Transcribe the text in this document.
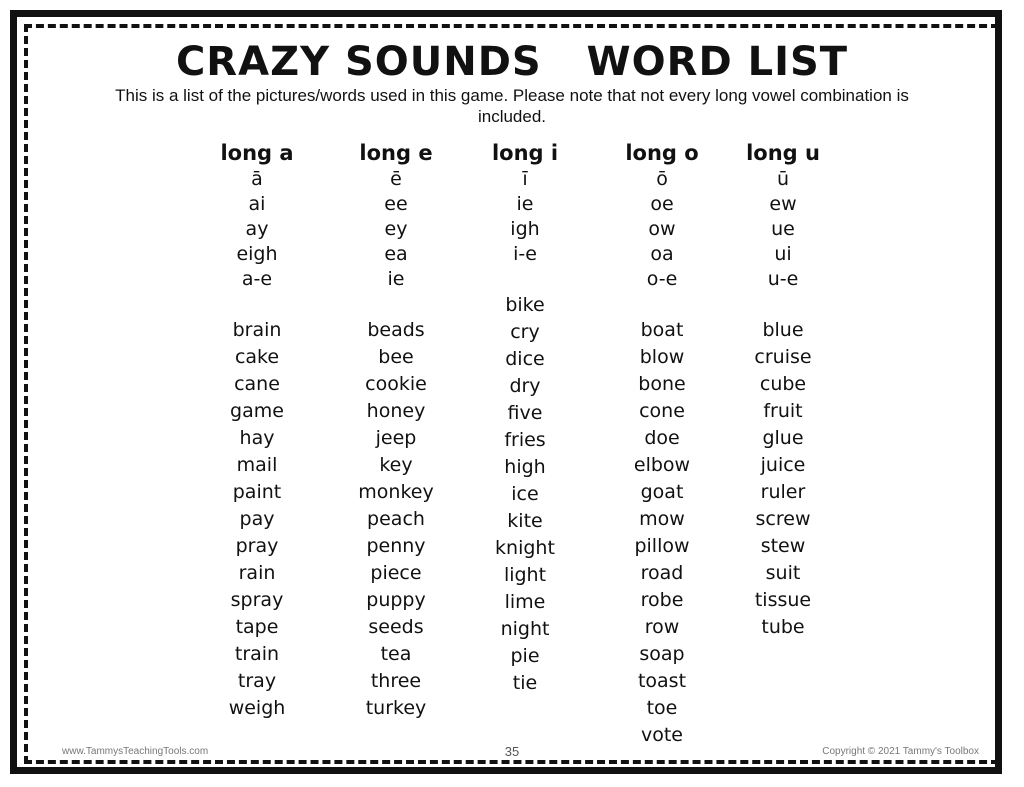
CRAZY SOUNDS   WORD LIST
This is a list of the pictures/words used in this game. Please note that not every long vowel combination is included.
long a
ā
ai
ay
eigh
a-e
brain
cake
cane
game
hay
mail
paint
pay
pray
rain
spray
tape
train
tray
weigh
long e
ē
ee
ey
ea
ie
beads
bee
cookie
honey
jeep
key
monkey
peach
penny
piece
puppy
seeds
tea
three
turkey
long i
ī
ie
igh
i-e
bike
cry
dice
dry
five
fries
high
ice
kite
knight
light
lime
night
pie
tie
long o
ō
oe
ow
oa
o-e
boat
blow
bone
cone
doe
elbow
goat
mow
pillow
road
robe
row
soap
toast
toe
vote
long u
ū
ew
ue
ui
u-e
blue
cruise
cube
fruit
glue
juice
ruler
screw
stew
suit
tissue
tube
www.TammysTeachingTools.com	35	Copyright © 2021 Tammy's Toolbox
